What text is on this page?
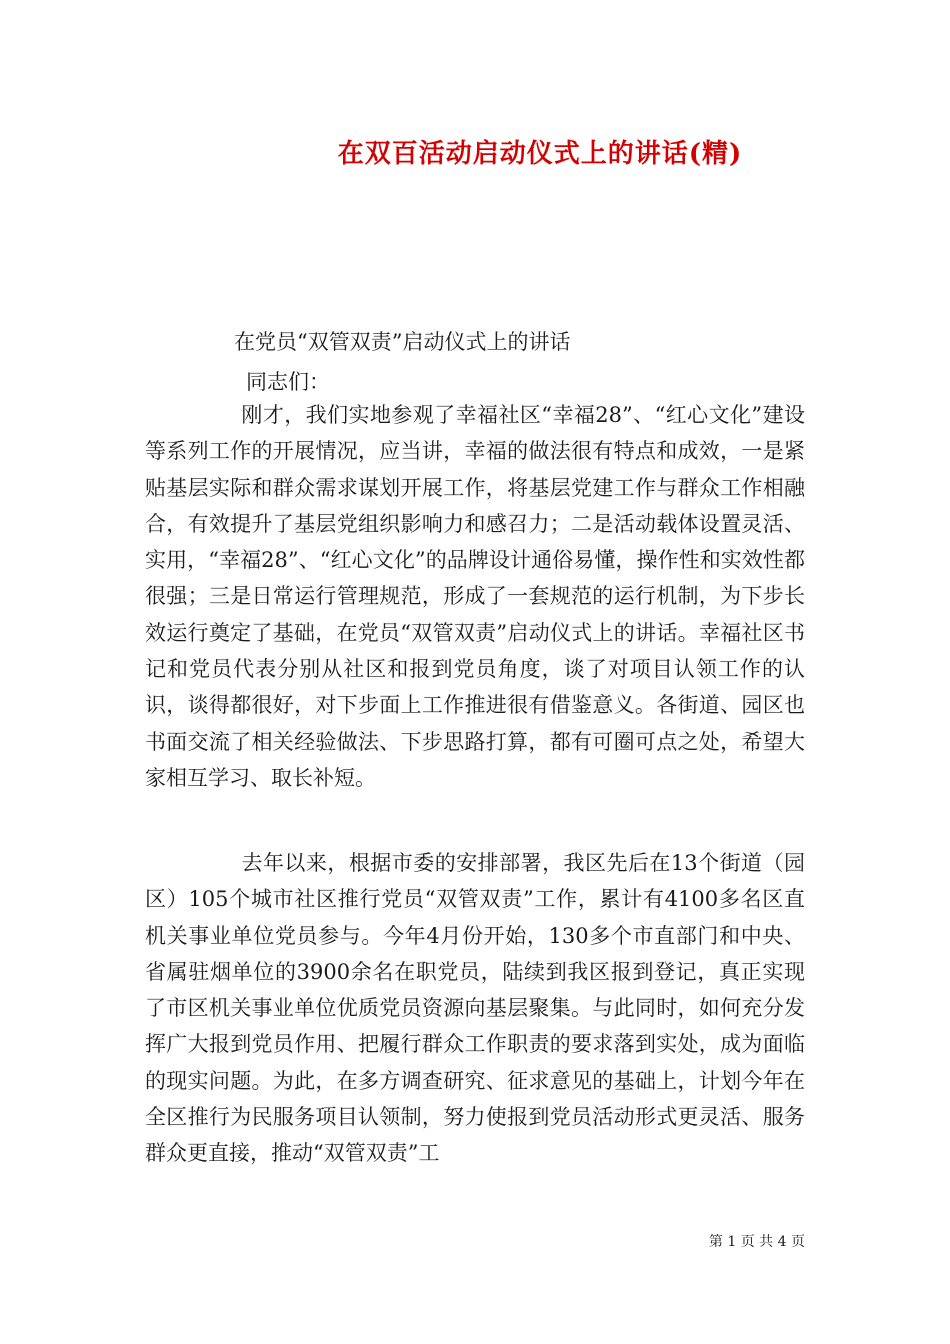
在双百活动启动仪式上的讲话(精)
在党员“双管双责”启动仪式上的讲话
同志们：

刚才，我们实地参观了幸福社区“幸福28”、“红心文化”建设等系列工作的开展情况，应当讲，幸福的做法很有特点和成效，一是紧贴基层实际和群众需求谋划开展工作，将基层党建工作与群众工作相融合，有效提升了基层党组织影响力和感召力；二是活动载体设置灵活、实用，“幸福28”、“红心文化”的品牌设计通俗易懂，操作性和实效性都很强；三是日常运行管理规范，形成了一套规范的运行机制，为下步长效运行奠定了基础，在党员“双管双责”启动仪式上的讲话。幸福社区书记和党员代表分别从社区和报到党员角度，谈了对项目认领工作的认识，谈得都很好，对下步面上工作推进很有借鉴意义。各街道、园区也书面交流了相关经验做法、下步思路打算，都有可圈可点之处，希望大家相互学习、取长补短。

去年以来，根据市委的安排部署，我区先后在13个街道（园区）105个城市社区推行党员“双管双责”工作，累计有4100多名区直机关事业单位党员参与。今年4月份开始，130多个市直部门和中央、省属驻烟单位的3900余名在职党员，陆续到我区报到登记，真正实现了市区机关事业单位优质党员资源向基层聚集。与此同时，如何充分发挥广大报到党员作用、把履行群众工作职责的要求落到实处，成为面临的现实问题。为此，在多方调查研究、征求意见的基础上，计划今年在全区推行为民服务项目认领制，努力使报到党员活动形式更灵活、服务群众更直接，推动“双管双责”工

第 1 页 共 4 页
